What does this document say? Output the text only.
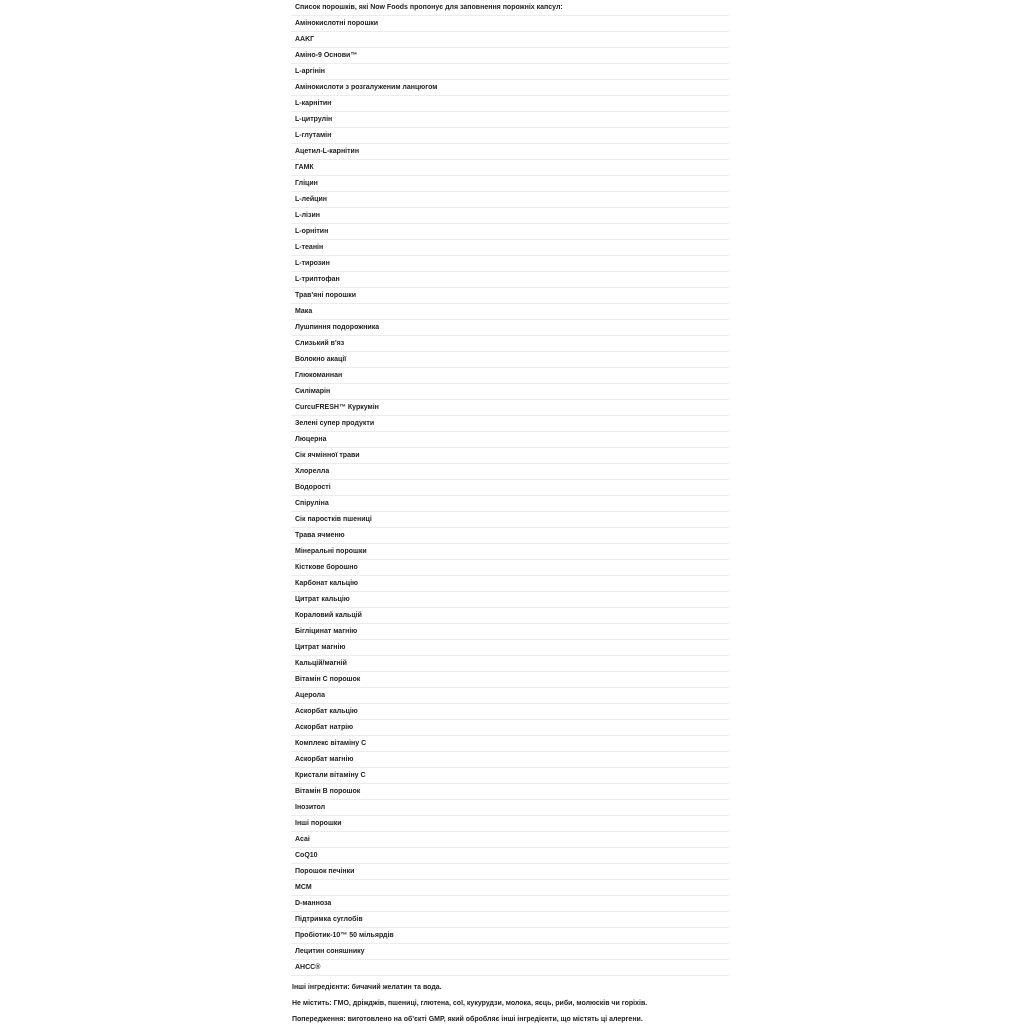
Список порошків, які Now Foods пропонує для заповнення порожніх капсул:
Амінокислотні порошки
AAKГ
Аміно-9 Основи™
L-аргінін
Амінокислоти з розгалуженим ланцюгом
L-карнітин
L-цитрулін
L-глутамін
Ацетил-L-карнітин
ГАМК
Гліцин
L-лейцин
L-лізин
L-орнітин
L-теанін
L-тирозин
L-триптофан
Трав'яні порошки
Мака
Лушпиння подорожника
Слизький в'яз
Волокно акації
Глюкоманнан
Силімарін
CurcuFRESH™ Куркумін
Зелені супер продукти
Люцерна
Сік ячмінної трави
Хлорелла
Водорості
Спіруліна
Сік паростків пшениці
Трава ячменю
Мінеральні порошки
Кісткове борошно
Карбонат кальцію
Цитрат кальцію
Кораловий кальцій
Бігліцинат магнію
Цитрат магнію
Кальцій/магній
Вітамін С порошок
Ацерола
Аскорбат кальцію
Аскорбат натрію
Комплекс вітаміну С
Аскорбат магнію
Кристали вітаміну С
Вітамін В порошок
Інозитол
Інші порошки
Acai
CoQ10
Порошок печінки
MCM
D-манноза
Підтримка суглобів
Пробіотик-10™ 50 мільярдів
Лецитин соняшнику
AHCC®
Інші інгредієнти: бичачий желатин та вода.
Не містить: ГМО, дріжджів, пшениці, глютена, сої, кукурудзи, молока, яєць, риби, молюсків чи горіхів.
Попередження: виготовлено на об'єкті GMP, який обробляє інші інгредієнти, що містять ці алергени.
